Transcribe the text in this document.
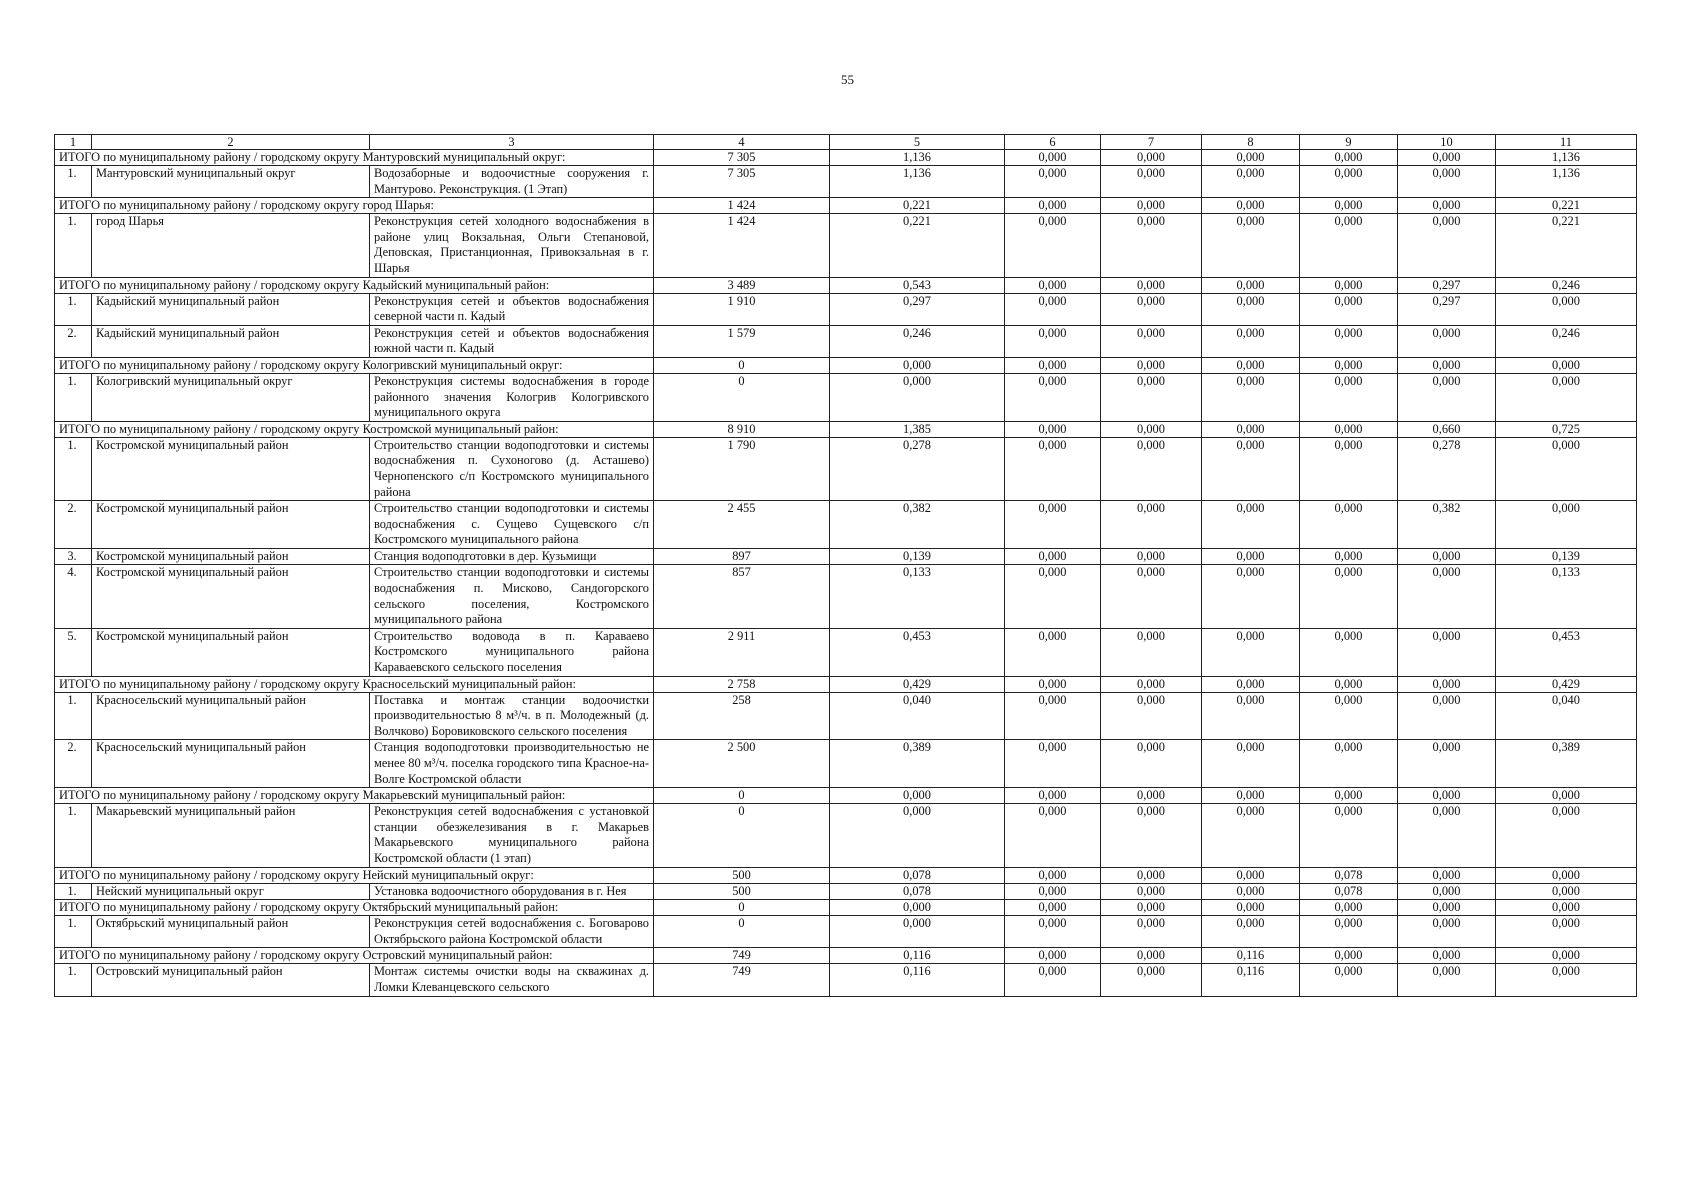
55
1	2	3	4	5	6	7	8	9	10	11
ИТОГО по муниципальному району / городскому округу Мантуровский муниципальный округ:			7 305	1,136	0,000	0,000	0,000	0,000	0,000	1,136
1.	Мантуровский муниципальный округ	Водозаборные и водоочистные сооружения г. Мантурово. Реконструкция. (1 Этап)	7 305	1,136	0,000	0,000	0,000	0,000	0,000	1,136
ИТОГО по муниципальному району / городскому округу город Шарья:			1 424	0,221	0,000	0,000	0,000	0,000	0,000	0,221
1.	город Шарья	Реконструкция сетей холодного водоснабжения в районе улиц Вокзальная, Ольги Степановой, Деповская, Пристанционная, Привокзальная в г. Шарья	1 424	0,221	0,000	0,000	0,000	0,000	0,000	0,221
ИТОГО по муниципальному району / городскому округу Кадыйский муниципальный район:			3 489	0,543	0,000	0,000	0,000	0,000	0,297	0,246
1.	Кадыйский муниципальный район	Реконструкция сетей и объектов водоснабжения северной части п. Кадый	1 910	0,297	0,000	0,000	0,000	0,000	0,297	0,000
2.	Кадыйский муниципальный район	Реконструкция сетей и объектов водоснабжения южной части п. Кадый	1 579	0,246	0,000	0,000	0,000	0,000	0,000	0,246
ИТОГО по муниципальному району / городскому округу Кологривский муниципальный округ:			0	0,000	0,000	0,000	0,000	0,000	0,000	0,000
1.	Кологривский муниципальный округ	Реконструкция системы водоснабжения в городе районного значения Кологрив Кологривского муниципального округа	0	0,000	0,000	0,000	0,000	0,000	0,000	0,000
ИТОГО по муниципальному району / городскому округу Костромской муниципальный район:			8 910	1,385	0,000	0,000	0,000	0,000	0,660	0,725
1.	Костромской муниципальный район	Строительство станции водоподготовки и системы водоснабжения п. Сухоногово (д. Асташево) Чернопенского с/п Костромского муниципального района	1 790	0,278	0,000	0,000	0,000	0,000	0,278	0,000
2.	Костромской муниципальный район	Строительство станции водоподготовки и системы водоснабжения с. Сущево Сущевского с/п Костромского муниципального района	2 455	0,382	0,000	0,000	0,000	0,000	0,382	0,000
3.	Костромской муниципальный район	Станция водоподготовки в дер. Кузьмищи	897	0,139	0,000	0,000	0,000	0,000	0,000	0,139
4.	Костромской муниципальный район	Строительство станции водоподготовки и системы водоснабжения п. Мисково, Сандогорского сельского поселения, Костромского муниципального района	857	0,133	0,000	0,000	0,000	0,000	0,000	0,133
5.	Костромской муниципальный район	Строительство водовода в п. Караваево Костромского муниципального района Караваевского сельского поселения	2 911	0,453	0,000	0,000	0,000	0,000	0,000	0,453
ИТОГО по муниципальному району / городскому округу Красносельский муниципальный район:			2 758	0,429	0,000	0,000	0,000	0,000	0,000	0,429
1.	Красносельский муниципальный район	Поставка и монтаж станции водоочистки производительностью 8 м³/ч. в п. Молодежный (д. Волчково) Боровиковского сельского поселения	258	0,040	0,000	0,000	0,000	0,000	0,000	0,040
2.	Красносельский муниципальный район	Станция водоподготовки производительностью не менее 80 м³/ч. поселка городского типа Красное-на-Волге Костромской области	2 500	0,389	0,000	0,000	0,000	0,000	0,000	0,389
ИТОГО по муниципальному району / городскому округу Макарьевский муниципальный район:			0	0,000	0,000	0,000	0,000	0,000	0,000	0,000
1.	Макарьевский муниципальный район	Реконструкция сетей водоснабжения с установкой станции обезжелезивания в г. Макарьев Макарьевского муниципального района Костромской области (1 этап)	0	0,000	0,000	0,000	0,000	0,000	0,000	0,000
ИТОГО по муниципальному району / городскому округу Нейский муниципальный округ:			500	0,078	0,000	0,000	0,000	0,078	0,000	0,000
1.	Нейский муниципальный округ	Установка водоочистного оборудования в г. Нея	500	0,078	0,000	0,000	0,000	0,078	0,000	0,000
ИТОГО по муниципальному району / городскому округу Октябрьский муниципальный район:			0	0,000	0,000	0,000	0,000	0,000	0,000	0,000
1.	Октябрьский муниципальный район	Реконструкция сетей водоснабжения с. Боговарово Октябрьского района Костромской области	0	0,000	0,000	0,000	0,000	0,000	0,000	0,000
ИТОГО по муниципальному району / городскому округу Островский муниципальный район:			749	0,116	0,000	0,000	0,116	0,000	0,000	0,000
1.	Островский муниципальный район	Монтаж системы очистки воды на скважинах д. Ломки Клеванцевского сельского	749	0,116	0,000	0,000	0,116	0,000	0,000	0,000
